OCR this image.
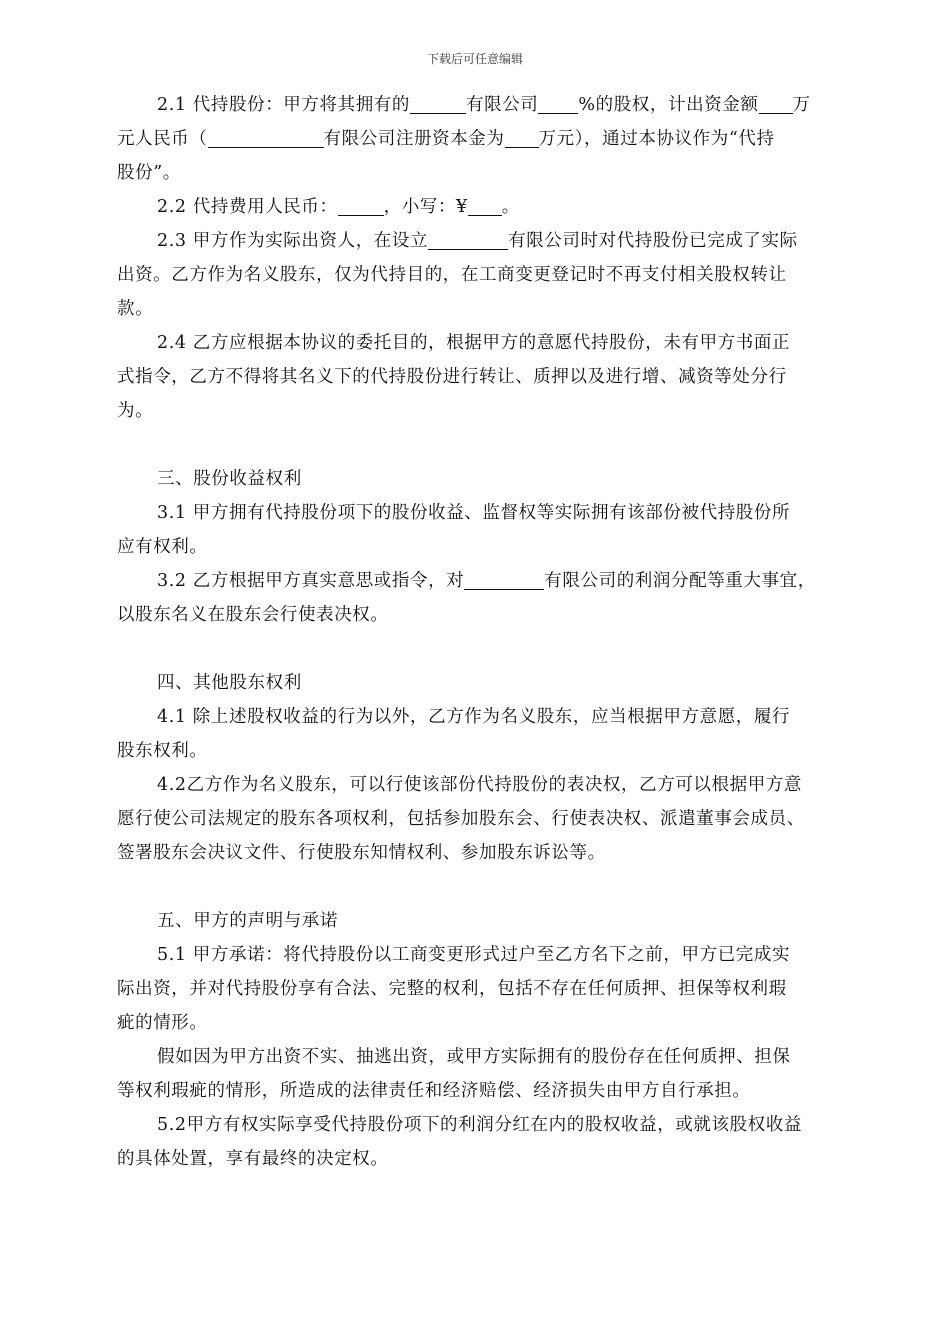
下载后可任意编辑
2.1 代持股份：甲方将其拥有的	有限公司 %的股权，计出资金额 万
元人民币（	有限公司注册资本金为 万元），通过本协议作为“代持
股份”。
2.2 代持费用人民币：	，小写：¥ 。
2.3 甲方作为实际出资人，在设立	有限公司时对代持股份已完成了实际
出资。乙方作为名义股东，仅为代持目的，在工商变更登记时不再支付相关股权转让
款。
2.4 乙方应根据本协议的委托目的，根据甲方的意愿代持股份，未有甲方书面正
式指令，乙方不得将其名义下的代持股份进行转让、质押以及进行增、减资等处分行
为。
三、股份收益权利
3.1 甲方拥有代持股份项下的股份收益、监督权等实际拥有该部份被代持股份所
应有权利。
3.2 乙方根据甲方真实意思或指令，对	有限公司的利润分配等重大事宜，
以股东名义在股东会行使表决权。
四、其他股东权利
4.1 除上述股权收益的行为以外，乙方作为名义股东，应当根据甲方意愿，履行
股东权利。
4.2乙方作为名义股东，可以行使该部份代持股份的表决权，乙方可以根据甲方意
愿行使公司法规定的股东各项权利，包括参加股东会、行使表决权、派遣董事会成员、
签署股东会决议文件、行使股东知情权利、参加股东诉讼等。
五、甲方的声明与承诺
5.1 甲方承诺：将代持股份以工商变更形式过户至乙方名下之前，甲方已完成实
际出资，并对代持股份享有合法、完整的权利，包括不存在任何质押、担保等权利瑕
疵的情形。
假如因为甲方出资不实、抽逃出资，或甲方实际拥有的股份存在任何质押、担保
等权利瑕疵的情形，所造成的法律责任和经济赔偿、经济损失由甲方自行承担。
5.2甲方有权实际享受代持股份项下的利润分红在内的股权收益，或就该股权收益
的具体处置，享有最终的决定权。
